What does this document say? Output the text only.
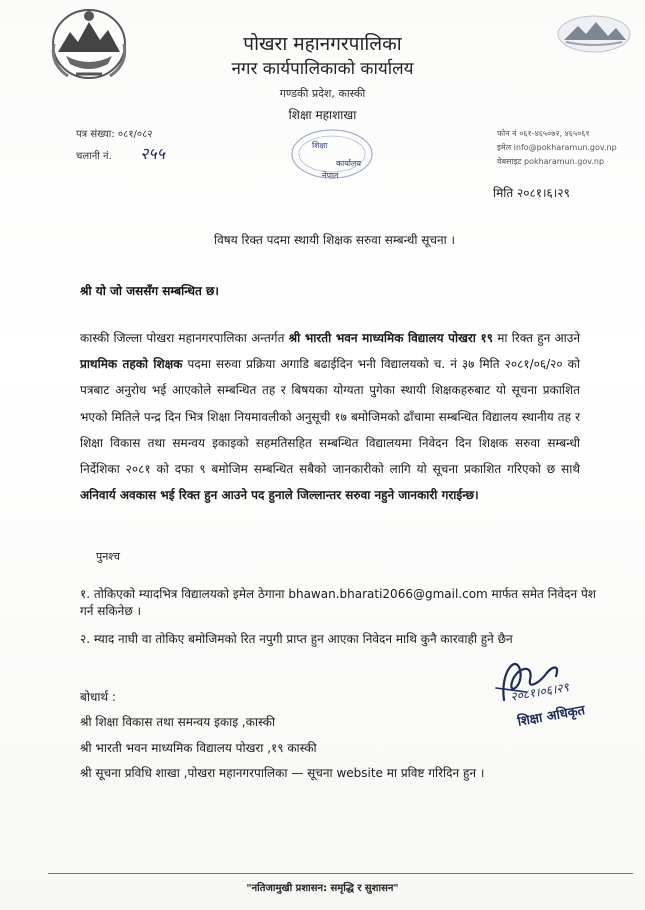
पोखरा महानगरपालिका
नगर कार्यपालिकाको कार्यालय
गण्डकी प्रदेश, कास्की
शिक्षा महाशाखा
पत्र संख्या: ०८१/०८२
चलानी नं. २५५
फोन नं ०६१-४६५०७२, ४६५०६१
इमेल info@pokharamun.gov.np
वेबसाइट pokharamun.gov.np
शिक्षा
कार्यालय
नेपाल
मिति २०८१।६।२९
विषय रिक्त पदमा स्थायी शिक्षक सरुवा सम्बन्धी सूचना ।
श्री यो जो जससँग सम्बन्धित छ।
कास्की जिल्ला पोखरा महानगरपालिका अन्तर्गत श्री भारती भवन माध्यमिक विद्यालय पोखरा १९ मा रिक्त हुन आउने प्राथमिक तहको शिक्षक पदमा सरुवा प्रक्रिया अगाडि बढाईदिन भनी विद्यालयको च. नं ३७ मिति २०८१/०६/२० को पत्रबाट अनुरोध भई आएकोले सम्बन्धित तह र बिषयका योग्यता पुगेका स्थायी शिक्षकहरुबाट यो सूचना प्रकाशित भएको मितिले पन्द्र दिन भित्र शिक्षा नियमावलीको अनुसूची १७ बमोजिमको ढाँचामा सम्बन्धित विद्यालय स्थानीय तह र शिक्षा विकास तथा समन्वय इकाइको सहमतिसहित सम्बन्धित विद्यालयमा निवेदन दिन शिक्षक सरुवा सम्बन्धी निर्देशिका २०८१ को दफा ९ बमोजिम सम्बन्धित सबैको जानकारीको लागि यो सूचना प्रकाशित गरिएको छ साथै अनिवार्य अवकास भई रिक्त हुन आउने पद हुनाले जिल्लान्तर सरुवा नहुने जानकारी गराईन्छ।
पुनश्च
१. तोकिएको म्यादभित्र विद्यालयको इमेल ठेगाना bhawan.bharati2066@gmail.com मार्फत समेत निवेदन पेश गर्न सकिनेछ ।
२. म्याद नाघी वा तोकिए बमोजिमको रित नपुगी प्राप्त हुन आएका निवेदन माथि कुनै कारवाही हुने छैन
बोधार्थ :
श्री शिक्षा विकास तथा समन्वय इकाइ ,कास्की
श्री भारती भवन माध्यमिक विद्यालय पोखरा ,१९ कास्की
श्री सूचना प्रविधि शाखा ,पोखरा महानगरपालिका — सूचना website मा प्रविष्ट गरिदिन हुन ।
२०८१।०६।२९
शिक्षा अधिकृत
"नतिजामुखी प्रशासन: समृद्धि र सुशासन"
